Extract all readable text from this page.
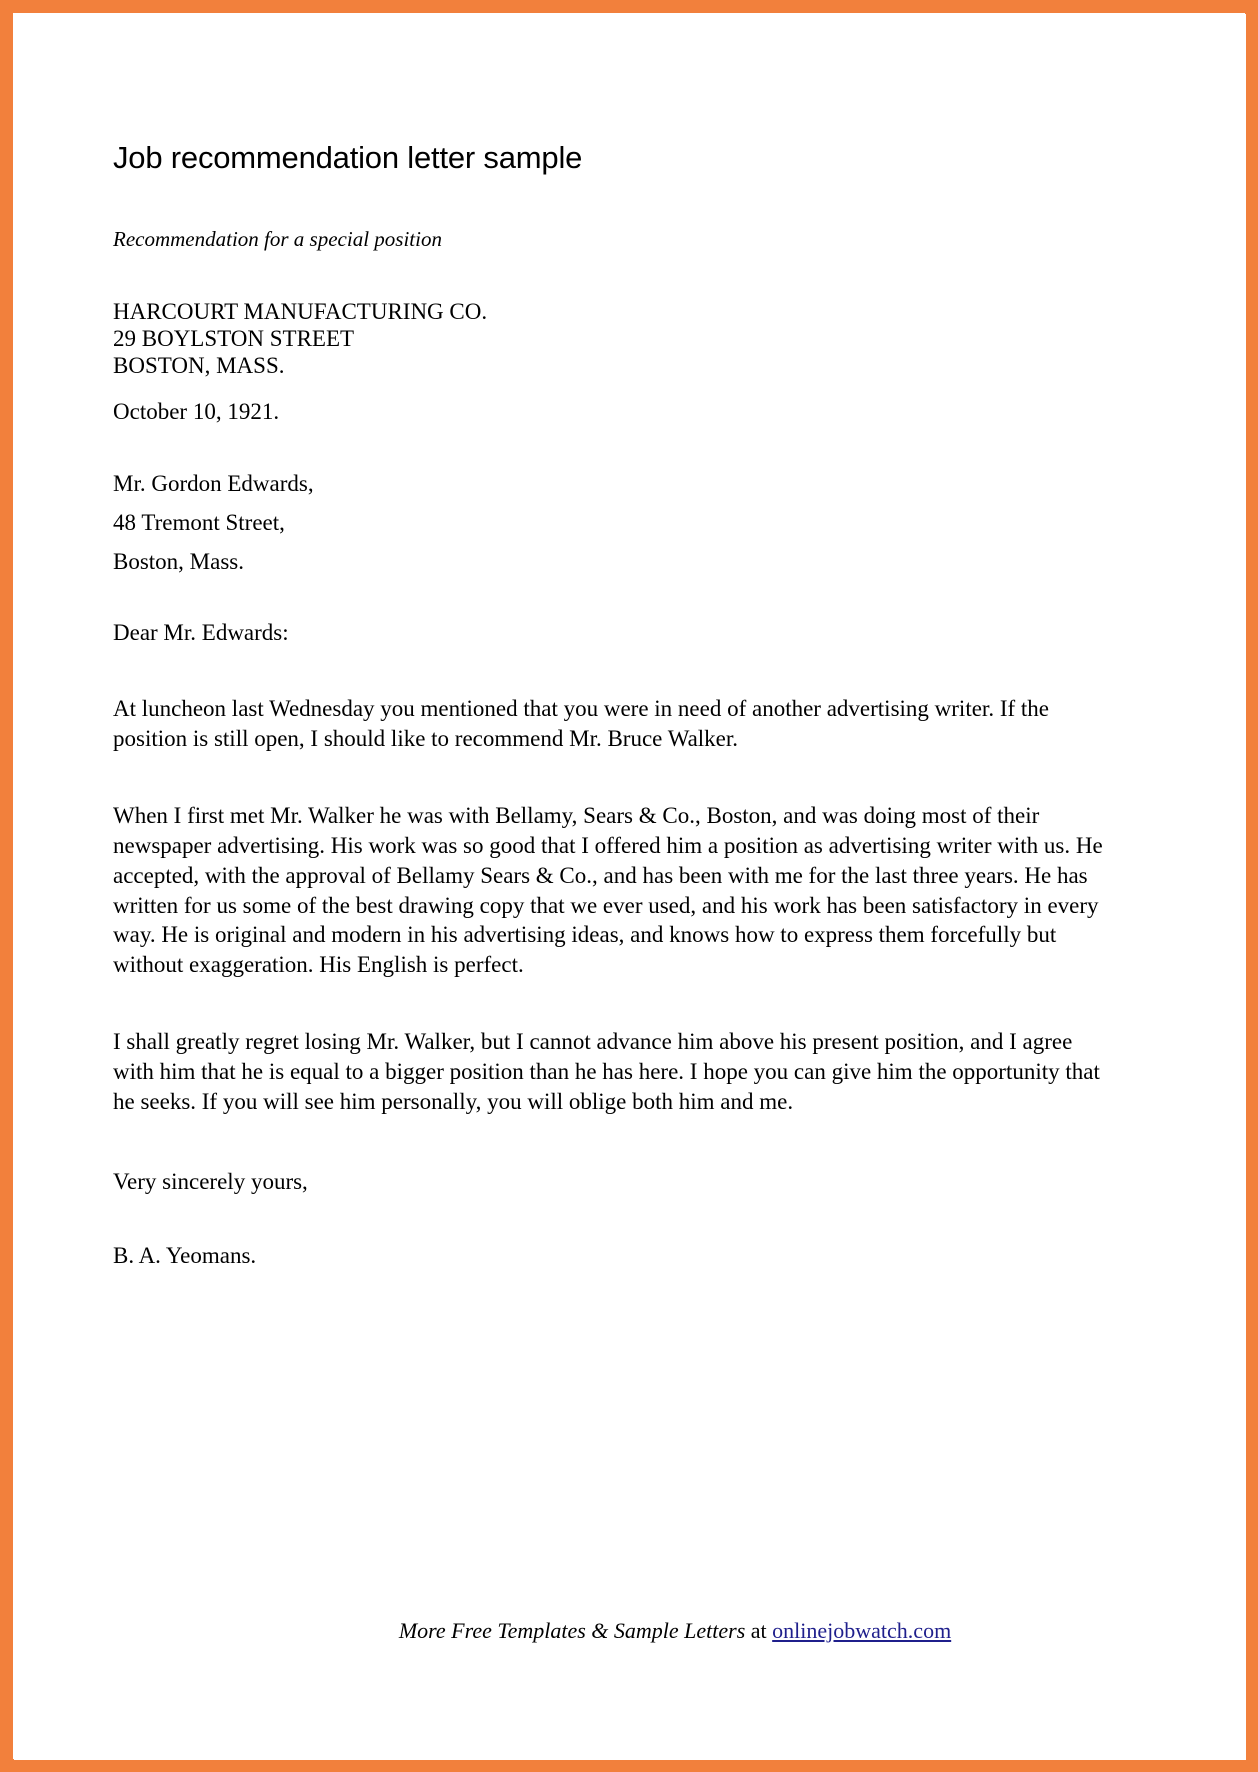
Job recommendation letter sample
Recommendation for a special position
HARCOURT MANUFACTURING CO.
29 BOYLSTON STREET
BOSTON, MASS.
October 10, 1921.
Mr. Gordon Edwards,
48 Tremont Street,
Boston, Mass.
Dear Mr. Edwards:

At luncheon last Wednesday you mentioned that you were in need of another advertising writer. If the position is still open, I should like to recommend Mr. Bruce Walker.

When I first met Mr. Walker he was with Bellamy, Sears & Co., Boston, and was doing most of their newspaper advertising. His work was so good that I offered him a position as advertising writer with us. He accepted, with the approval of Bellamy Sears & Co., and has been with me for the last three years. He has written for us some of the best drawing copy that we ever used, and his work has been satisfactory in every way. He is original and modern in his advertising ideas, and knows how to express them forcefully but without exaggeration. His English is perfect.

I shall greatly regret losing Mr. Walker, but I cannot advance him above his present position, and I agree with him that he is equal to a bigger position than he has here. I hope you can give him the opportunity that he seeks. If you will see him personally, you will oblige both him and me.

Very sincerely yours,
B. A. Yeomans.
More Free Templates & Sample Letters at onlinejobwatch.com
